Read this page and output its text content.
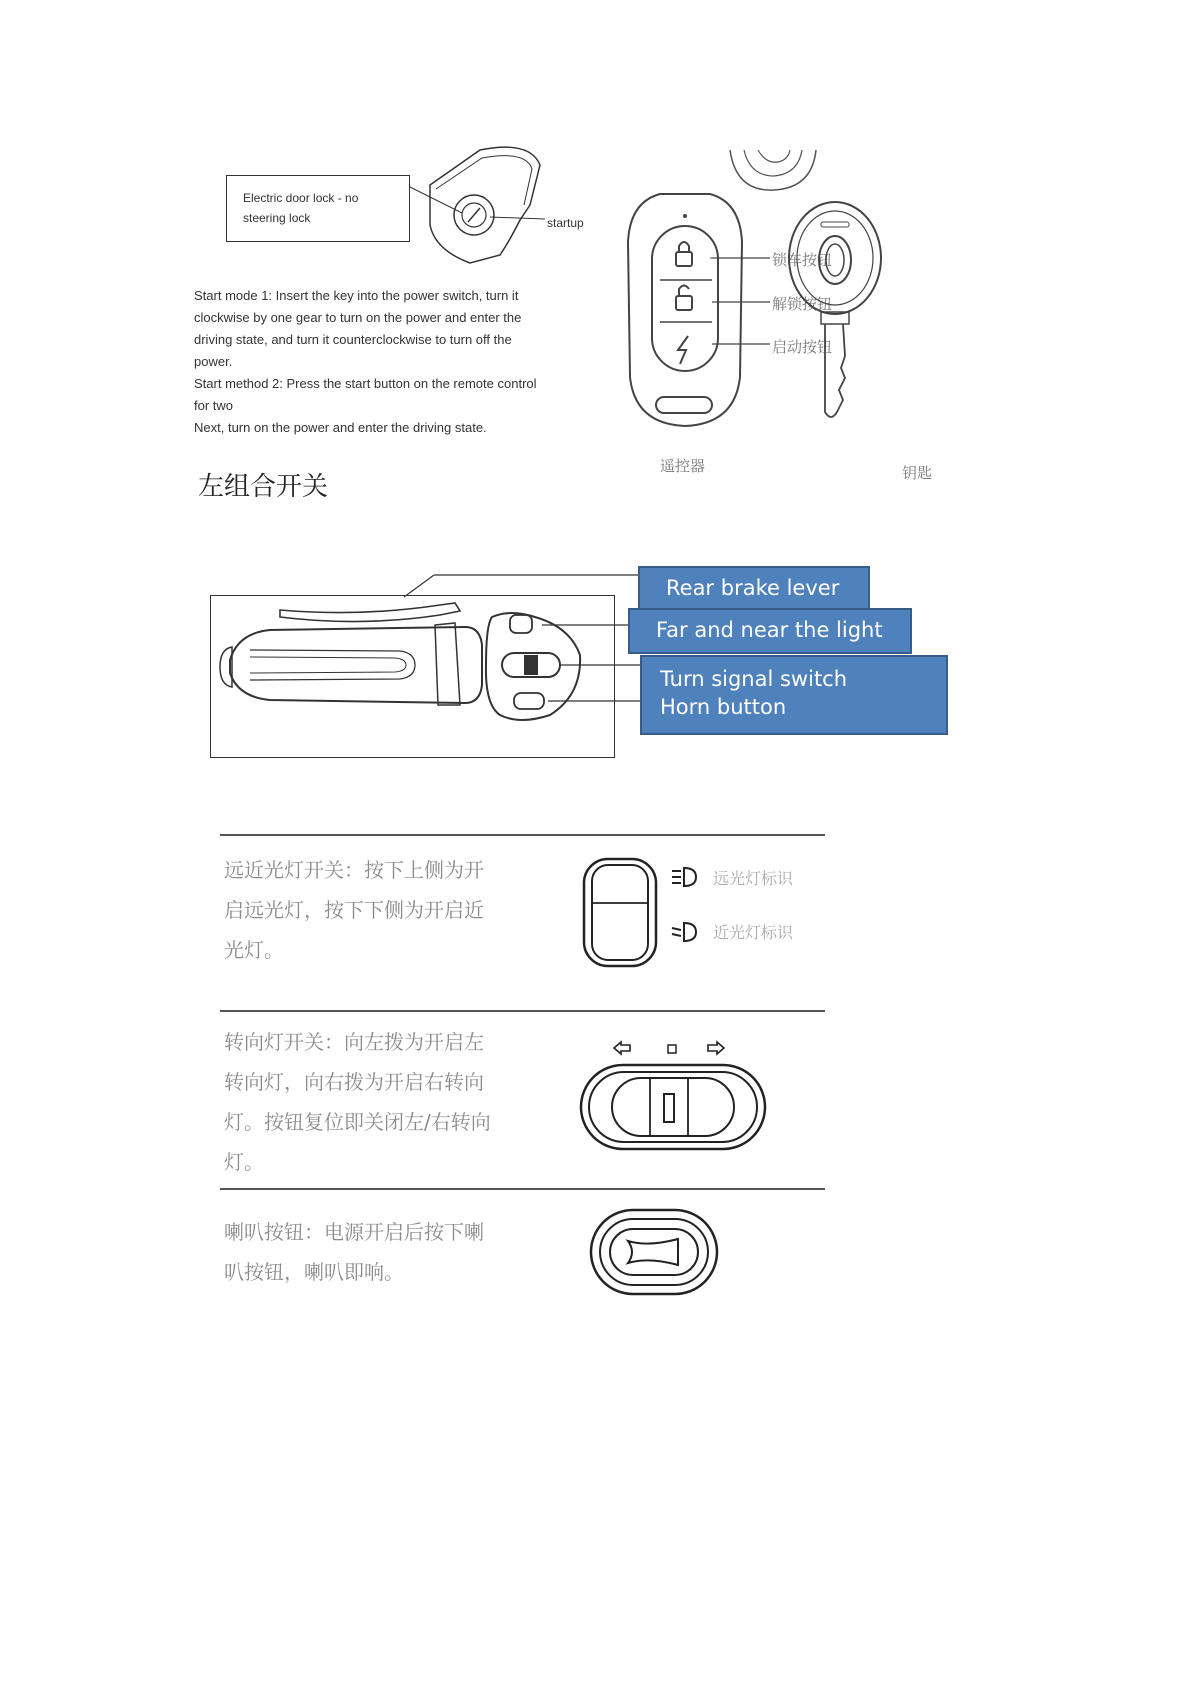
Electric door lock - no steering lock	startup

Start mode 1: Insert the key into the power switch, turn it

clockwise by one gear to turn on the power and enter the

driving state, and turn it counterclockwise to turn off the

power.

Start method 2: Press the start button on the remote control

for two

Next, turn on the power and enter the driving state.

左组合开关
锁车按钮
解锁按钮
启动按钮
遥控器	钥匙
Rear brake lever
Far and near the light
Turn signal switch
Horn button
远近光灯开关：按下上侧为开
启远光灯，按下下侧为开启近
光灯。
远光灯标识
近光灯标识
转向灯开关：向左拨为开启左
转向灯，向右拨为开启右转向
灯。按钮复位即关闭左/右转向
灯。
喇叭按钮：电源开启后按下喇
叭按钮，喇叭即响。
